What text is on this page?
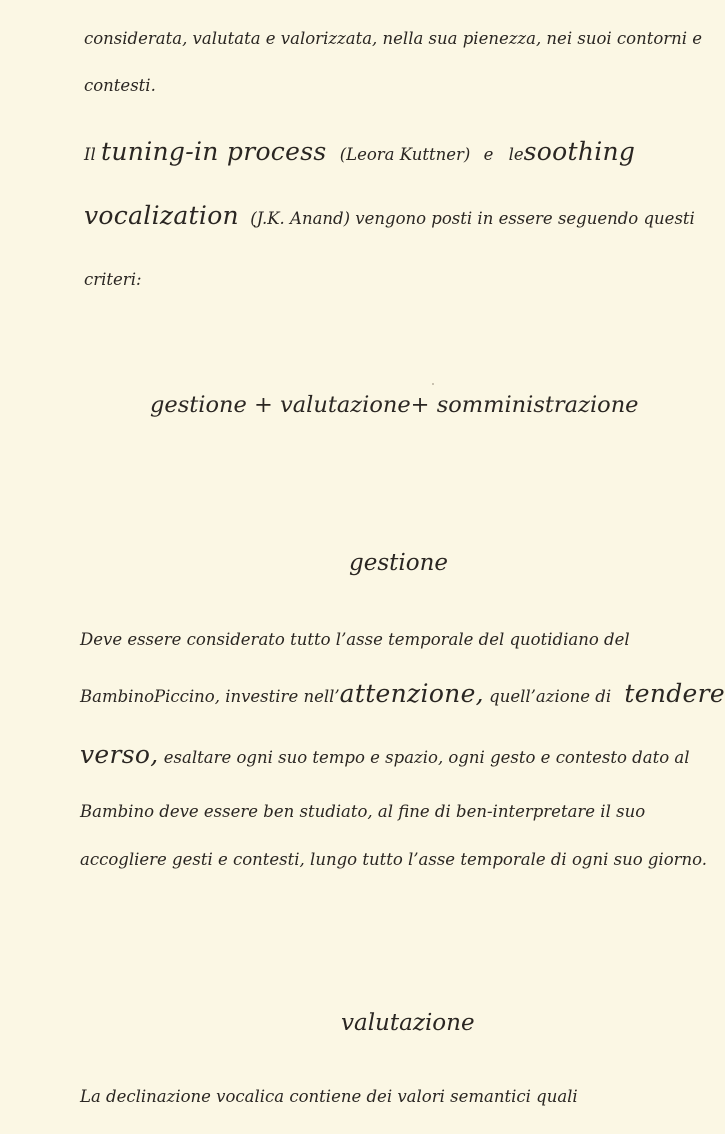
considerata, valutata e valorizzata, nella sua pienezza, nei suoi contorni e
contesti.
Il tuning-in process (Leora Kuttner) e lesoothing
vocalization (J.K. Anand) vengono posti in essere seguendo questi
criteri:
gestione + valutazione+ somministrazione
gestione
Deve essere considerato tutto l’asse temporale del quotidiano del
BambinoPiccino, investire nell’attenzione, quell’azione di tendere
verso, esaltare ogni suo tempo e spazio, ogni gesto e contesto dato al
Bambino deve essere ben studiato, al fine di ben-interpretare il suo
accogliere gesti e contesti, lungo tutto l’asse temporale di ogni suo giorno.
valutazione
La declinazione vocalica contiene dei valori semantici quali
